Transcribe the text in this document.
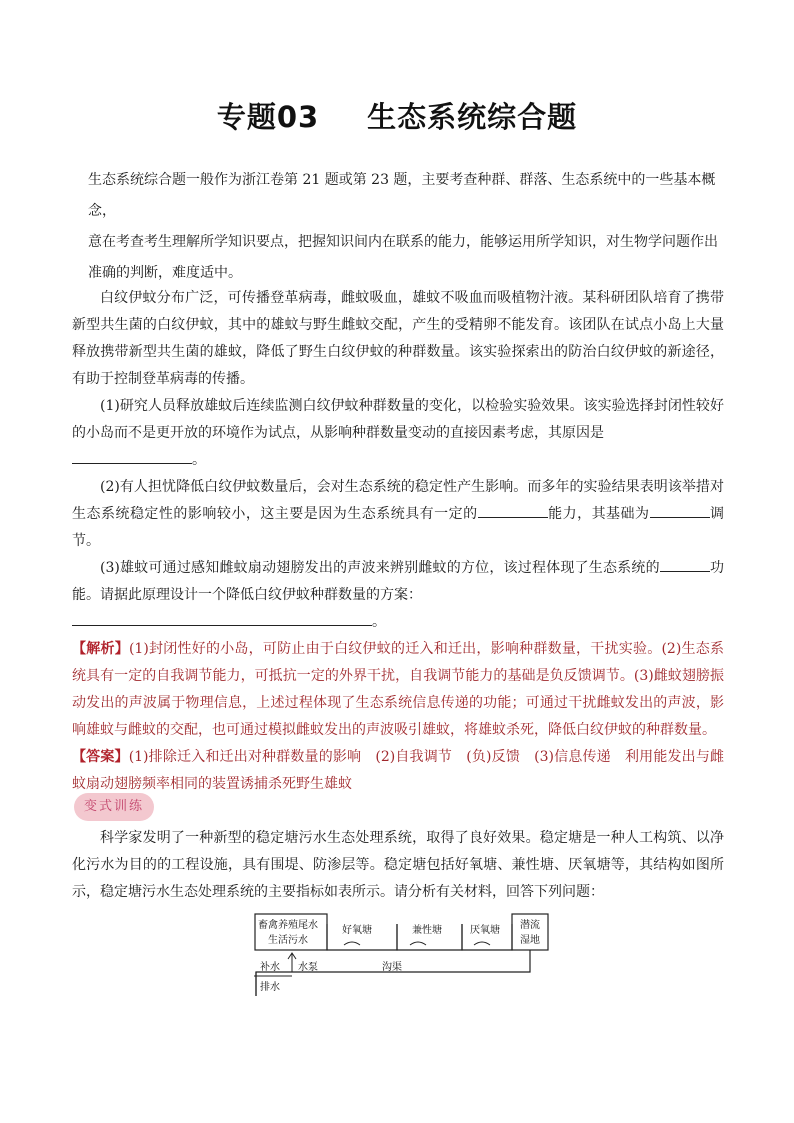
专题03 生态系统综合题

生态系统综合题一般作为浙江卷第 21 题或第 23 题，主要考查种群、群落、生态系统中的一些基本概念，

意在考查考生理解所学知识要点，把握知识间内在联系的能力，能够运用所学知识，对生物学问题作出

准确的判断，难度适中。

白纹伊蚊分布广泛，可传播登革病毒，雌蚊吸血，雄蚊不吸血而吸植物汁液。某科研团队培育了携带新型共生菌的白纹伊蚊，其中的雄蚊与野生雌蚊交配，产生的受精卵不能发育。该团队在试点小岛上大量释放携带新型共生菌的雄蚊，降低了野生白纹伊蚊的种群数量。该实验探索出的防治白纹伊蚊的新途径，有助于控制登革病毒的传播。

(1)研究人员释放雄蚊后连续监测白纹伊蚊种群数量的变化，以检验实验效果。该实验选择封闭性较好的小岛而不是更开放的环境作为试点，从影响种群数量变动的直接因素考虑，其原因是
。

(2)有人担忧降低白纹伊蚊数量后，会对生态系统的稳定性产生影响。而多年的实验结果表明该举措对生态系统稳定性的影响较小，这主要是因为生态系统具有一定的	能力，其基础为	调节。

(3)雄蚊可通过感知雌蚊扇动翅膀发出的声波来辨别雌蚊的方位，该过程体现了生态系统的	功能。请据此原理设计一个降低白纹伊蚊种群数量的方案：
。

【解析】(1)封闭性好的小岛，可防止由于白纹伊蚊的迁入和迁出，影响种群数量，干扰实验。(2)生态系统具有一定的自我调节能力，可抵抗一定的外界干扰，自我调节能力的基础是负反馈调节。(3)雌蚊翅膀振动发出的声波属于物理信息，上述过程体现了生态系统信息传递的功能；可通过干扰雌蚊发出的声波，影响雄蚊与雌蚊的交配，也可通过模拟雌蚊发出的声波吸引雄蚊，将雄蚊杀死，降低白纹伊蚊的种群数量。

【答案】(1)排除迁入和迁出对种群数量的影响　(2)自我调节　(负)反馈　(3)信息传递　利用能发出与雌蚊扇动翅膀频率相同的装置诱捕杀死野生雄蚊

变式训练

科学家发明了一种新型的稳定塘污水生态处理系统，取得了良好效果。稳定塘是一种人工构筑、以净化污水为目的的工程设施，具有围堤、防渗层等。稳定塘包括好氧塘、兼性塘、厌氧塘等，其结构如图所示，稳定塘污水生态处理系统的主要指标如表所示。请分析有关材料，回答下列问题：

畜禽养殖尾水
生活污水
好氧塘	兼性塘	厌氧塘 潜流
湿地
补水 水泵	沟渠
排水
